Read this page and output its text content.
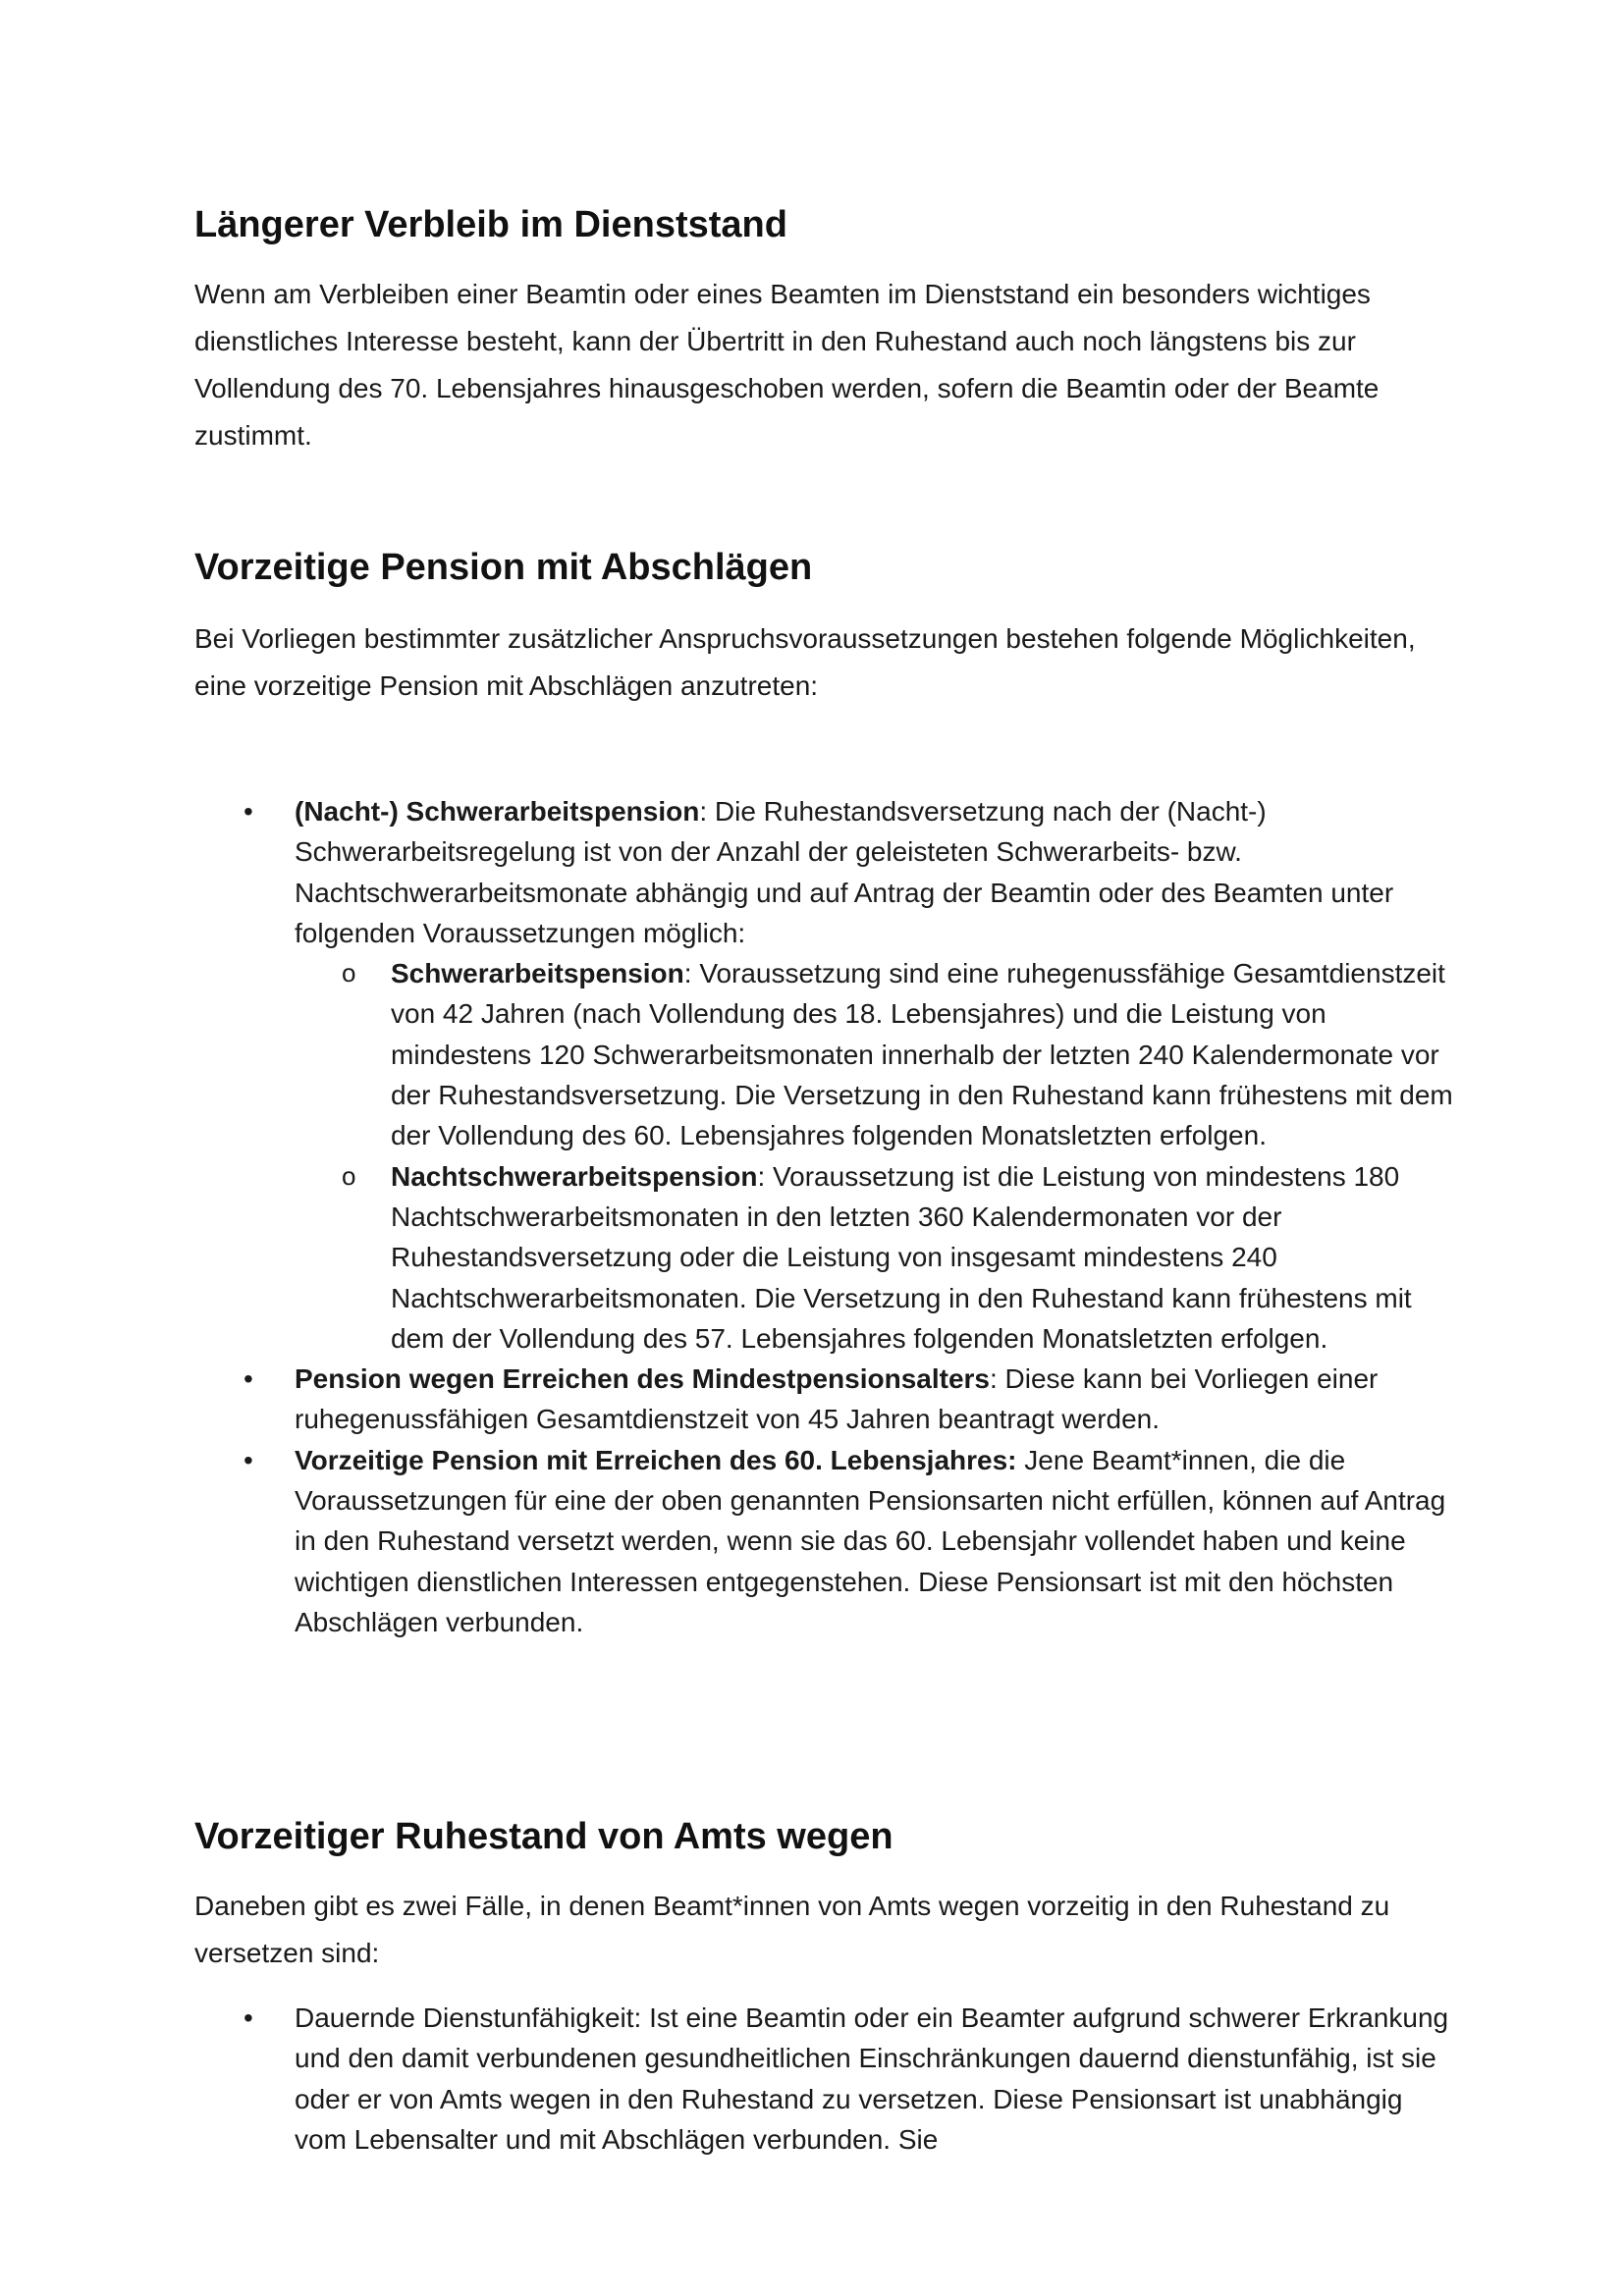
Längerer Verbleib im Dienststand

Wenn am Verbleiben einer Beamtin oder eines Beamten im Dienststand ein besonders wichtiges dienstliches Interesse besteht, kann der Übertritt in den Ruhestand auch noch längstens bis zur Vollendung des 70. Lebensjahres hinausgeschoben werden, sofern die Beamtin oder der Beamte zustimmt.

Vorzeitige Pension mit Abschlägen

Bei Vorliegen bestimmter zusätzlicher Anspruchsvoraussetzungen bestehen folgende Möglichkeiten, eine vorzeitige Pension mit Abschlägen anzutreten:

• (Nacht-) Schwerarbeitspension: Die Ruhestandsversetzung nach der (Nacht-) Schwerarbeitsregelung ist von der Anzahl der geleisteten Schwerarbeits- bzw. Nachtschwerarbeitsmonate abhängig und auf Antrag der Beamtin oder des Beamten unter folgenden Voraussetzungen möglich:
o Schwerarbeitspension: Voraussetzung sind eine ruhegenussfähige Gesamtdienstzeit von 42 Jahren (nach Vollendung des 18. Lebensjahres) und die Leistung von mindestens 120 Schwerarbeitsmonaten innerhalb der letzten 240 Kalendermonate vor der Ruhestandsversetzung. Die Versetzung in den Ruhestand kann frühestens mit dem der Vollendung des 60. Lebensjahres folgenden Monatsletzten erfolgen.
o Nachtschwerarbeitspension: Voraussetzung ist die Leistung von mindestens 180 Nachtschwerarbeitsmonaten in den letzten 360 Kalendermonaten vor der Ruhestandsversetzung oder die Leistung von insgesamt mindestens 240 Nachtschwerarbeitsmonaten. Die Versetzung in den Ruhestand kann frühestens mit dem der Vollendung des 57. Lebensjahres folgenden Monatsletzten erfolgen.
• Pension wegen Erreichen des Mindestpensionsalters: Diese kann bei Vorliegen einer ruhegenussfähigen Gesamtdienstzeit von 45 Jahren beantragt werden.
• Vorzeitige Pension mit Erreichen des 60. Lebensjahres: Jene Beamt*innen, die die Voraussetzungen für eine der oben genannten Pensionsarten nicht erfüllen, können auf Antrag in den Ruhestand versetzt werden, wenn sie das 60. Lebensjahr vollendet haben und keine wichtigen dienstlichen Interessen entgegenstehen. Diese Pensionsart ist mit den höchsten Abschlägen verbunden.
Vorzeitiger Ruhestand von Amts wegen

Daneben gibt es zwei Fälle, in denen Beamt*innen von Amts wegen vorzeitig in den Ruhestand zu versetzen sind:

• Dauernde Dienstunfähigkeit: Ist eine Beamtin oder ein Beamter aufgrund schwerer Erkrankung und den damit verbundenen gesundheitlichen Einschränkungen dauernd dienstunfähig, ist sie oder er von Amts wegen in den Ruhestand zu versetzen. Diese Pensionsart ist unabhängig vom Lebensalter und mit Abschlägen verbunden. Sie
